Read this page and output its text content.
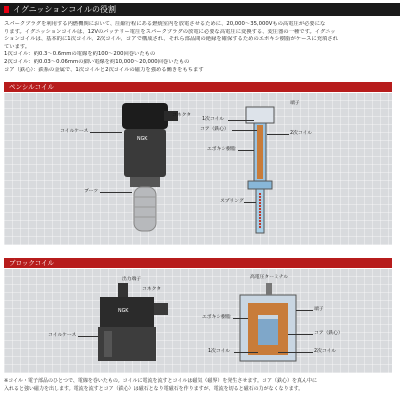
イグニッションコイルの役割
スパークプラグを利用する内燃機関において、圧縮行程にある燃焼室内を放電させるために、20,000〜35,000Vもの高電圧が必要にな
ります。イグニッションコイルは、12Vのバッテリー電圧をスパークプラグの放電に必要な高電圧に変換する、変圧器の一種です。イグニッ
ションコイルは、基本的に1次コイル、2次コイル、コアで構成され、それら部品間の絶縁を確保するためのエポキシ樹脂がケースに充填され
ています。
1次コイル：約0.3〜0.6mmの電線を約100〜200回巻いたもの
2次コイル：約0.03〜0.06mmの細い電線を約10,000〜20,000回巻いたもの
コア（鉄心）：鉄系の金属で、1次コイルと2次コイルの磁力を強める働きをもちます
ペンシルコイル
コネクタ
コイルケース
ブーツ
NGK
端子
1次コイル
コア（鉄心）
2次コイル
エポキシ樹脂
スプリング
ブロックコイル
出力端子
コネクタ
コイルケース
NGK
高電圧ターミナル
端子
エポキシ樹脂
コア（鉄心）
1次コイル	2次コイル
※コイル・電子部品のひとつで、電線を巻いたもの。コイルに電流を流すとコイルは磁気（磁界）を発生させます。コア（鉄心）を真ん中に
入れると強い磁力を出します。電流を流すとコア（鉄心）は磁石となり電磁石を作りますが、電流を切ると磁石の力がなくなります。
